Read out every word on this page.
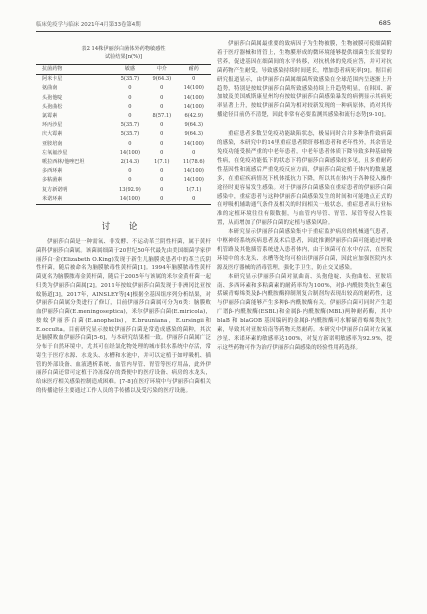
临床免疫学与临床 2021年4月第33卷第4期	685
表2 14株伊丽莎白菌体外药物敏感性
试验结果[n(%)]
抗菌药物	敏感	中介	耐药
阿米卡星	5(35.7)	9(64.3)	0
氨曲南	0	0	14(100)
头孢他啶	0	0	14(100)
头孢曲松	0	0	14(100)
氯霉素	0	8(57.1)	6(42.9)
环丙沙星	5(35.7)	0	9(64.3)
庆大霉素	5(35.7)	0	9(64.3)
亚胺培南	0	0	14(100)
左氧氟沙星	14(100)	0	0
哌拉西林/他唑巴坦	2(14.3)	1(7.1)	11(78.6)
多西环素	0	0	14(100)
多粘菌素	0	0	14(100)
复方新诺明	13(92.9)	0	1(7.1)
米诺环素	14(100)	0	0
讨 论

伊丽莎白菌是一种需氧、非发酵、不运动革兰阴性杆菌，属于黄杆菌科伊丽莎白菌属。该菌属细菌于20世纪50年代最先由美国细菌学家伊丽莎白·金(Elizabeth O.King)发现于新生儿脑膜炎患者中的革兰氏阴性杆菌，随后被命名为脑膜脓毒性黄杆菌[1]。1994年脑膜脓毒性黄杆菌更名为脑膜脓毒金黄杆菌，随后于2005年与该属的米尔金黄杆菌一起归类为伊丽莎白菌属[2]。2011年按蚊伊丽莎白菌发现于非洲冈比亚按蚊肠道[3]，2017年，AINSLEY等[4]根据全基因组序列分析结果，对伊丽莎白菌属分类进行了修订，目前伊丽莎白菌属可分为6类：脑膜败血伊丽莎白菌(E.meningoseptica)，米尔伊丽莎白菌(E.miricola)，按蚊伊丽莎白菌(E.anophelis)，E.bruuniana，E.ursingii和E.occulta。目前研究显示按蚊伊丽莎白菌是常造成感染的菌种，其次是脑膜败血伊丽莎白菌[5-6]，与本研究结果相一致。伊丽莎白菌属广泛分布于自然环境中，尤其可在经氯化物处理的城市供水系统中存活，常寄生于医疗水源、水龙头、水槽和水池中，并可以定植于如呼吸机、插管的外部设备、血液透析系统、血管内导管、胃管等医疗用品，此外伊丽莎白菌还常可定植于冷冻保存的粪便中的医疗设备、病房的水龙头，给床医疗相关感染控制造成困难。[7-8]在医疗环境中与伊丽莎白菌相关的传播途径主要通过工作人员的手传播以及受污染的医疗设施。

伊丽莎白菌属最重要的致病因子为生物被膜，生物被膜可使细菌附着于医疗器械和胃管上，生物膜形成的微环境能够提供细菌生长需要的营养，促进基因在细菌间的水平转移，对抗机体的免疫应答，并可对抗菌药物产生耐受，导致感染持续时间延长，增加患者病死率[9]。据目前研究报道显示，由伊丽莎白菌属细菌所致感染在全球范围内呈逐渐上升趋势，特别是按蚊伊丽莎白菌所致感染持续上升趋势明显，在韩国、新加坡及美国威斯康星州均有按蚊伊丽莎白菌感染暴发的病例显示其病死率显著上升，按蚊伊丽莎白菌为相对较新发现的一种病原体，尚对其传播途径目前仍不清楚，因此非常有必要监测其感染和流行态势[9-10]。

重症患者多数呈免疫功能缺陷状态，极易同时合并多种条件致病菌的感染，本研究中的14里重症患者除肝移植患者和老年性外，其余皆是免疫功能受损严重的中老年患者，中老年患者体质下降导致多种基础慢性病，在免疫功能低下的状态下将伊丽莎白菌感染较多见，且多重耐药性基因性和流感后严重免疫反应方面，伊丽莎白菌定植于体内的数量越多，在重症疾病情况下机体抵抗力下降，所以其在体内于各种侵入操作途径时更容易发生感染。对于伊丽莎白菌感染在重症患者的伊丽莎白菌感染中，重症患者与这种伊丽莎白菌感染发生的时间和可能地点正式的在呼吸机辅助通气条件及相关的时间相关一般状态，重症患者从行业标准的定植环境往往有限数据，与血管内导管、胃管、尿管等侵入性装置，从而增加了伊丽莎白菌的定植与感染风险。

本研究显示伊丽莎白菌感染集中于重症监护病房的机械通气患者，中枢神经系统疾病患者及术后患者，因此推测伊丽莎白菌可能通过呼吸机管路及其他插管系统进入患者体内，由于该菌可在水中存活，在医院环境中的水龙头、水槽等处均可检出伊丽莎白菌，因此应加强医院内水源及医疗器械的消毒管理，强化手卫生，防止交叉感染。

本研究显示伊丽莎白菌对氨曲南、头孢他啶、头孢曲松、亚胺培南、多西环素和多粘菌素的耐药率均为100%，对β-内酰胺类抗生素包括碳青霉烯类及β-内酰胺酶抑制剂复合制剂均表现出较高的耐药性，这与伊丽莎白菌能够产生多种β-内酰胺酶有关。伊丽莎白菌可同时产生超广谱β-内酰胺酶(ESBL)和金属β-内酰胺酶(MBL)两种耐药酶，其中 blaB 和 blaGOB 基因编码的金属β-内酰胺酶可水解碳青霉烯类抗生素，导致其对亚胺培南等药物天然耐药。本研究中伊丽莎白菌对左氧氟沙星、米诺环素的敏感率达100%，对复方新诺明敏感率为92.9%，提示这些药物可作为治疗伊丽莎白菌感染的经验性用药选择。
